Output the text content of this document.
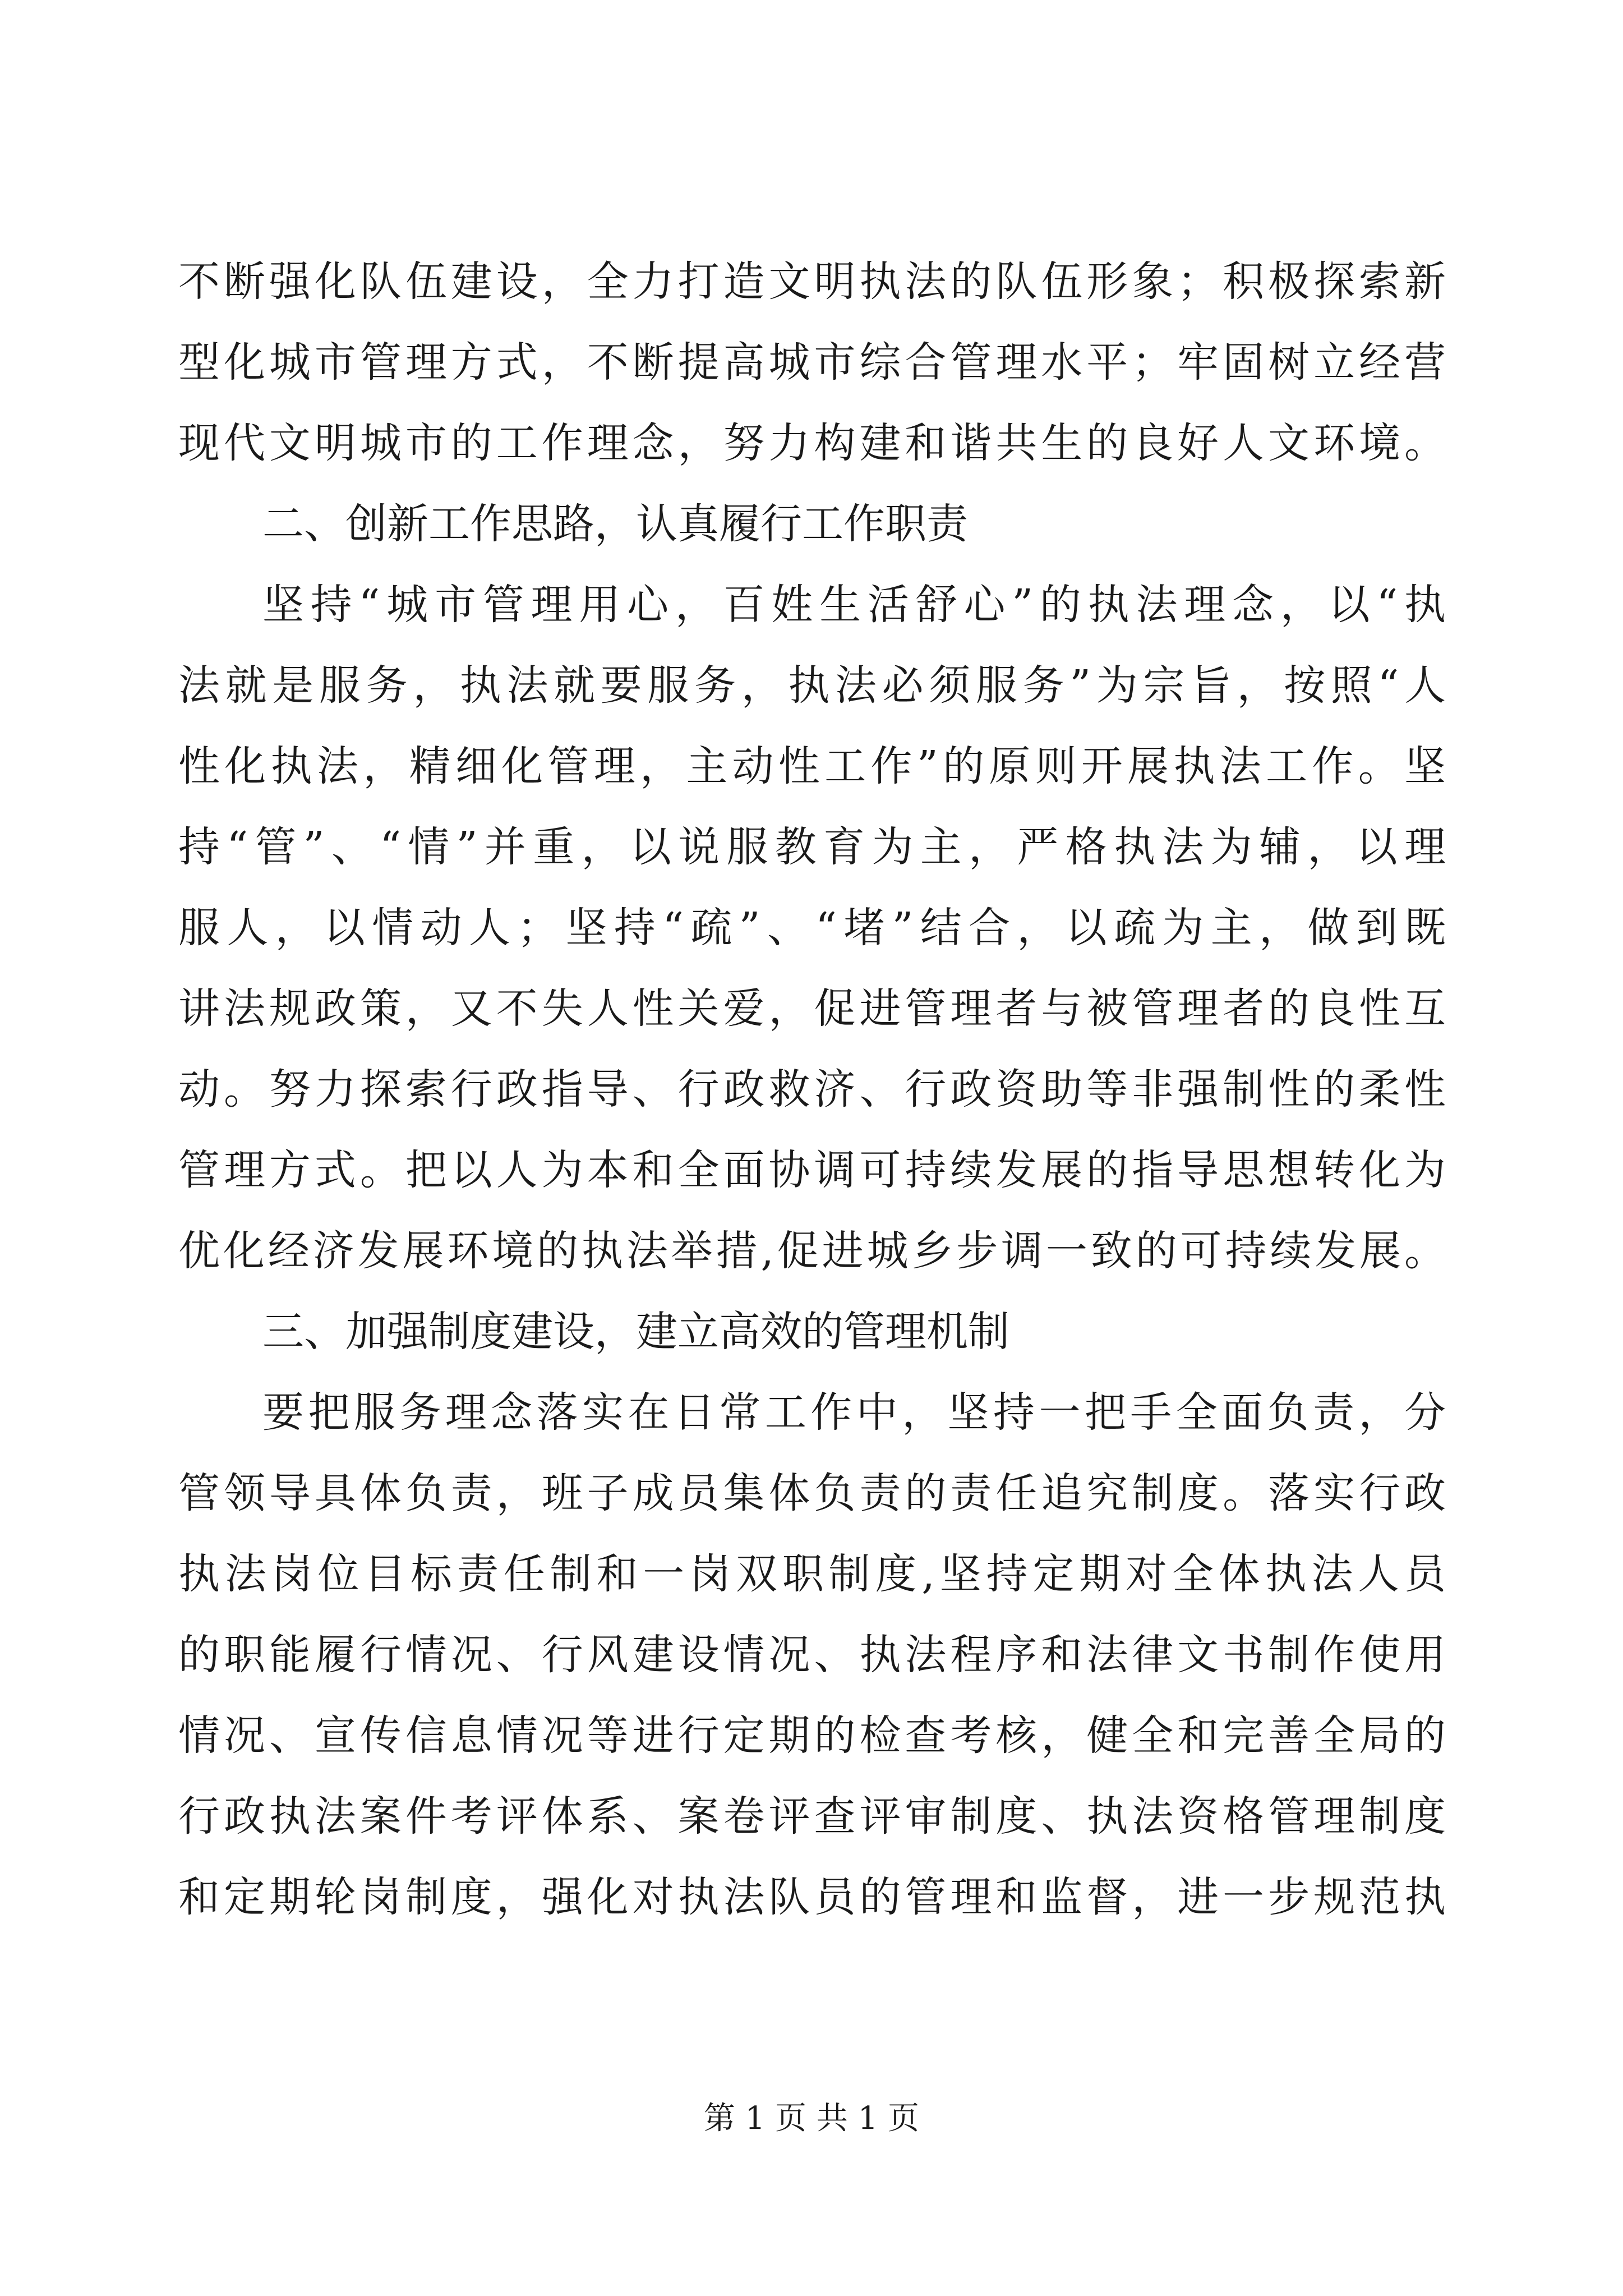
不断强化队伍建设，全力打造文明执法的队伍形象；积极探索新
型化城市管理方式，不断提高城市综合管理水平；牢固树立经营
现代文明城市的工作理念，努力构建和谐共生的良好人文环境。
二、创新工作思路，认真履行工作职责
坚持“城市管理用心，百姓生活舒心”的执法理念，以“执
法就是服务，执法就要服务，执法必须服务”为宗旨，按照“人
性化执法，精细化管理，主动性工作”的原则开展执法工作。坚
持“管”、“情”并重，以说服教育为主，严格执法为辅，以理
服人，以情动人；坚持“疏”、“堵”结合，以疏为主，做到既
讲法规政策，又不失人性关爱，促进管理者与被管理者的良性互
动。努力探索行政指导、行政救济、行政资助等非强制性的柔性
管理方式。把以人为本和全面协调可持续发展的指导思想转化为
优化经济发展环境的执法举措,促进城乡步调一致的可持续发展。
三、加强制度建设，建立高效的管理机制
要把服务理念落实在日常工作中，坚持一把手全面负责，分
管领导具体负责，班子成员集体负责的责任追究制度。落实行政
执法岗位目标责任制和一岗双职制度,坚持定期对全体执法人员
的职能履行情况、行风建设情况、执法程序和法律文书制作使用
情况、宣传信息情况等进行定期的检查考核，健全和完善全局的
行政执法案件考评体系、案卷评查评审制度、执法资格管理制度
和定期轮岗制度，强化对执法队员的管理和监督，进一步规范执
第 1 页 共 1 页
